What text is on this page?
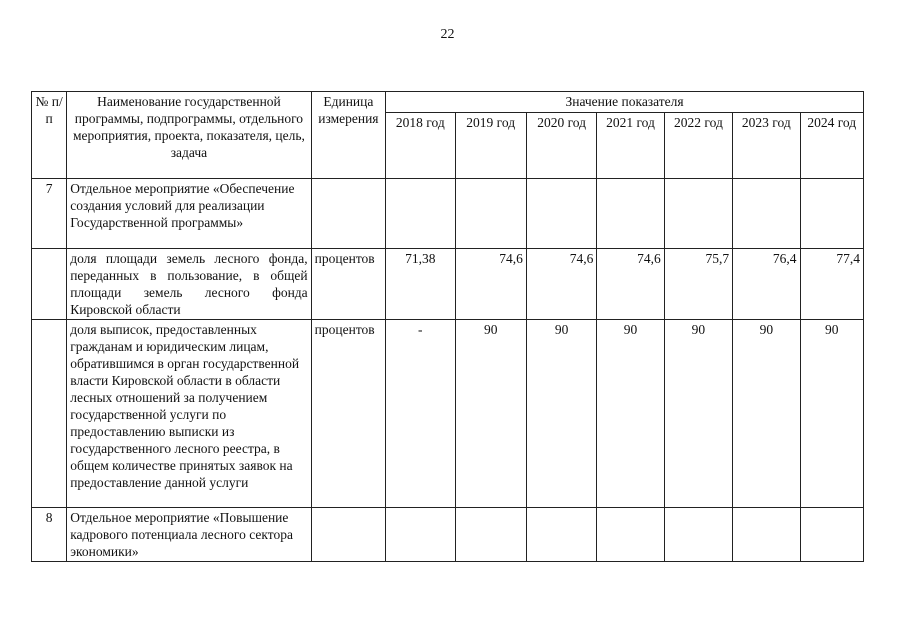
22
№ п/п	Наименование государственной программы, подпрограммы, отдельного мероприятия, проекта, показателя, цель, задача	Единица измерения	Значение показателя						
			2018 год	2019 год	2020 год	2021 год	2022 год	2023 год	2024 год
7	Отдельное мероприятие «Обеспечение создания условий для реализации Государственной программы»								
	доля площади земель лесного фонда, переданных в пользование, в общей площади земель лесного фонда Кировской области	процентов	71,38	74,6	74,6	74,6	75,7	76,4	77,4
	доля выписок, предоставленных гражданам и юридическим лицам, обратившимся в орган государственной власти Кировской области в области лесных отношений за получением государственной услуги по предоставлению выписки из государственного лесного реестра, в общем количестве принятых заявок на предоставление данной услуги	процентов	-	90	90	90	90	90	90
8	Отдельное мероприятие «Повышение кадрового потенциала лесного сектора экономики»								
